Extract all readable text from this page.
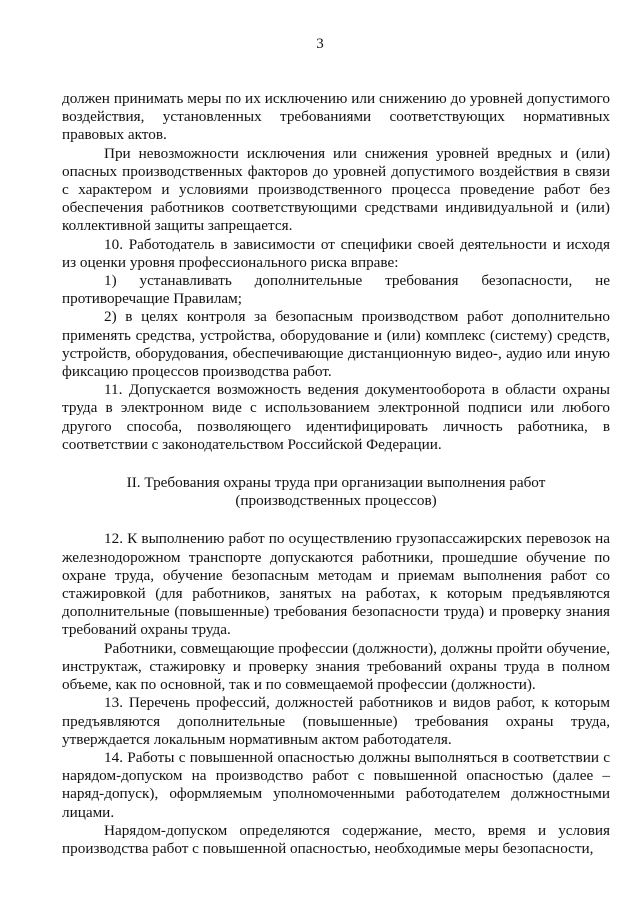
3

должен принимать меры по их исключению или снижению до уровней допустимого воздействия, установленных требованиями соответствующих нормативных правовых актов.

При невозможности исключения или снижения уровней вредных и (или) опасных производственных факторов до уровней допустимого воздействия в связи с характером и условиями производственного процесса проведение работ без обеспечения работников соответствующими средствами индивидуальной и (или) коллективной защиты запрещается.

10. Работодатель в зависимости от специфики своей деятельности и исходя из оценки уровня профессионального риска вправе:

1) устанавливать дополнительные требования безопасности, не противоречащие Правилам;

2) в целях контроля за безопасным производством работ дополнительно применять средства, устройства, оборудование и (или) комплекс (систему) средств, устройств, оборудования, обеспечивающие дистанционную видео-, аудио или иную фиксацию процессов производства работ.

11. Допускается возможность ведения документооборота в области охраны труда в электронном виде с использованием электронной подписи или любого другого способа, позволяющего идентифицировать личность работника, в соответствии с законодательством Российской Федерации.

II. Требования охраны труда при организации выполнения работ
(производственных процессов)

12. К выполнению работ по осуществлению грузопассажирских перевозок на железнодорожном транспорте допускаются работники, прошедшие обучение по охране труда, обучение безопасным методам и приемам выполнения работ со стажировкой (для работников, занятых на работах, к которым предъявляются дополнительные (повышенные) требования безопасности труда) и проверку знания требований охраны труда.

Работники, совмещающие профессии (должности), должны пройти обучение, инструктаж, стажировку и проверку знания требований охраны труда в полном объеме, как по основной, так и по совмещаемой профессии (должности).

13. Перечень профессий, должностей работников и видов работ, к которым предъявляются дополнительные (повышенные) требования охраны труда, утверждается локальным нормативным актом работодателя.

14. Работы с повышенной опасностью должны выполняться в соответствии с нарядом-допуском на производство работ с повышенной опасностью (далее – наряд-допуск), оформляемым уполномоченными работодателем должностными лицами.

Нарядом-допуском определяются содержание, место, время и условия производства работ с повышенной опасностью, необходимые меры безопасности,
